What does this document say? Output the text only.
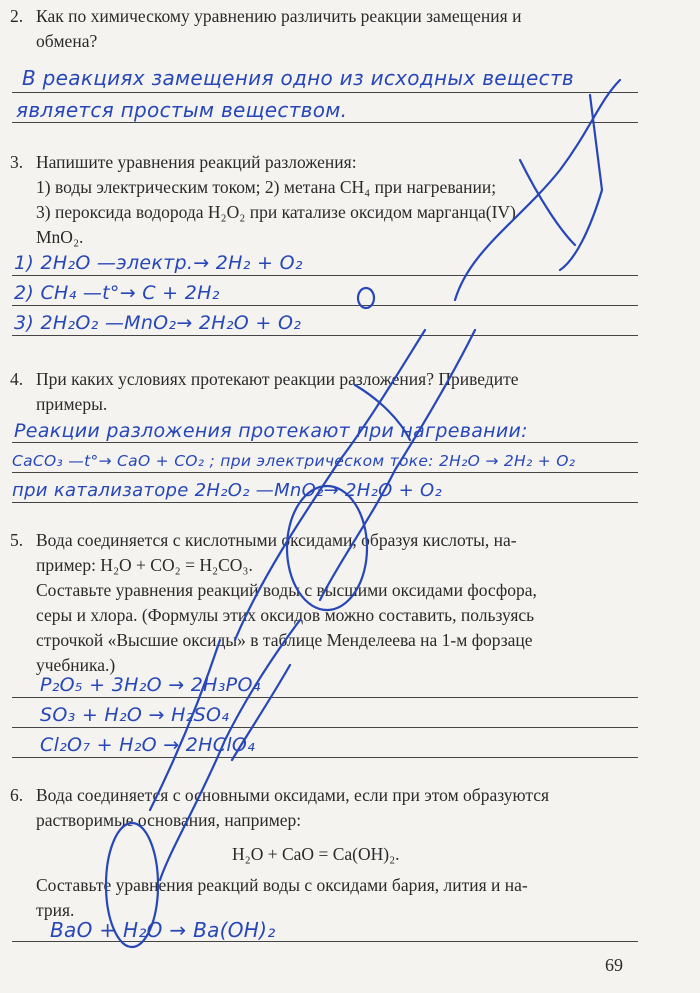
2. Как по химическому уравнению различить реакции замещения и
обмена?
В реакциях замещения одно из исходных веществ
является простым веществом.
3. Напишите уравнения реакций разложения:
1) воды электрическим током; 2) метана CH₄ при нагревании;
3) пероксида водорода H₂O₂ при катализе оксидом марганца(IV)
MnO₂.
1) 2H₂O —электр.→ 2H₂ + O₂
2) CH₄ —t°→ C + 2H₂
3) 2H₂O₂ —MnO₂→ 2H₂O + O₂
4. При каких условиях протекают реакции разложения? Приведите
примеры.
Реакции разложения протекают при нагревании:
CaCO₃ —t°→ CaO + CO₂ ; при электрическом токе: 2H₂O → 2H₂ + O₂
при катализаторе 2H₂O₂ —MnO₂→ 2H₂O + O₂
5. Вода соединяется с кислотными оксидами, образуя кислоты, на-
пример: H₂O + CO₂ = H₂CO₃.
Составьте уравнения реакций воды с высшими оксидами фосфора,
серы и хлора. (Формулы этих оксидов можно составить, пользуясь
строчкой «Высшие оксиды» в таблице Менделеева на 1-м форзаце
учебника.)
P₂O₅ + 3H₂O → 2H₃PO₄
SO₃ + H₂O → H₂SO₄
Cl₂O₇ + H₂O → 2HClO₄
6. Вода соединяется с основными оксидами, если при этом образуются
растворимые основания, например:
H₂O + CaO = Ca(OH)₂.
Составьте уравнения реакций воды с оксидами бария, лития и на-
трия.
BaO + H₂O → Ba(OH)₂
69
